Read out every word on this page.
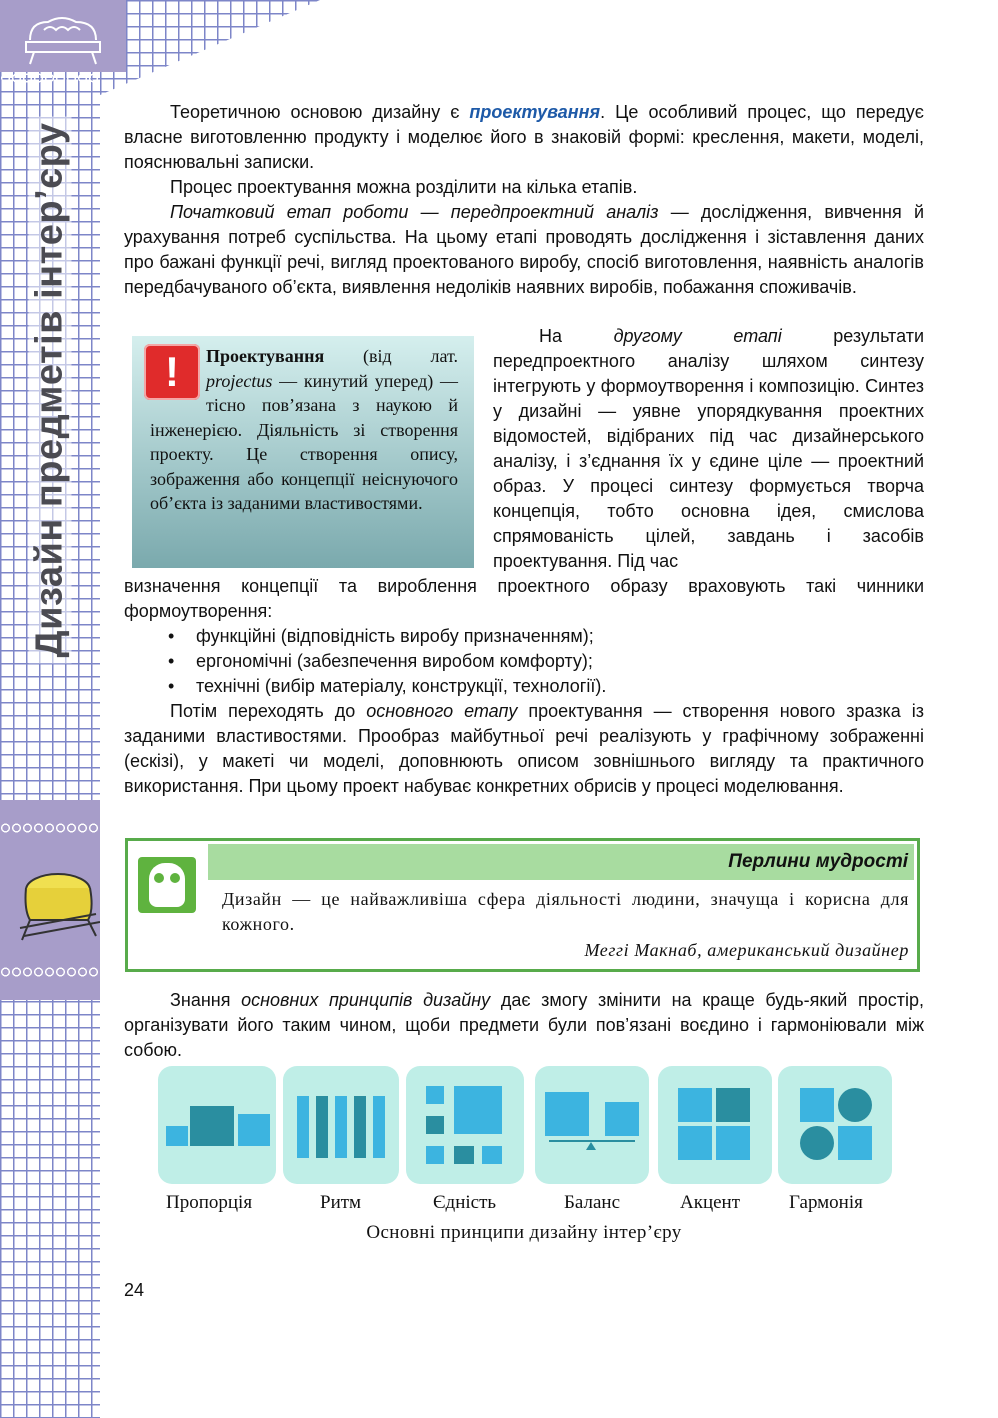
Дизайн предметів інтер’єру

Теоретичною основою дизайну є проектування. Це особливий процес, що передує власне виготовленню продукту і моделює його в знаковій формі: креслення, макети, моделі, пояснювальні записки.

Процес проектування можна розділити на кілька етапів.

Початковий етап роботи — передпроектний аналіз — дослідження, вивчення й урахування потреб суспільства. На цьому етапі проводять дослідження і зіставлення даних про бажані функції речі, вигляд проектованого виробу, спосіб виготовлення, наявність аналогів передбачуваного об’єкта, виявлення недоліків наявних виробів, побажання споживачів.

!	Проектування (від лат. projectus — кинутий уперед) — тісно пов’язана з наукою й інженерією. Діяльність зі створення проекту. Це створення опису, зображення або концепції неіснуючого об’єкта із заданими властивостями.
На другому етапі результати передпроектного аналізу шляхом синтезу інтегрують у формоутворення і композицію. Синтез у дизайні — уявне упорядкування проектних відомостей, відібраних під час дизайнерського аналізу, і з’єднання їх у єдине ціле — проектний образ. У процесі синтезу формується творча концепція, тобто основна ідея, смислова спрямованість цілей, завдань і засобів проектування. Під час

визначення концепції та вироблення проектного образу враховують такі чинники формоутворення:

• функційні (відповідність виробу призначенням);
• ергономічні (забезпечення виробом комфорту);
• технічні (вибір матеріалу, конструкції, технології).

Потім переходять до основного етапу проектування — створення нового зразка із заданими властивостями. Прообраз майбутньої речі реалізують у графічному зображенні (ескізі), у макеті чи моделі, доповнюють описом зовнішнього вигляду та практичного використання. При цьому проект набуває конкретних обрисів у процесі моделювання.

Перлини мудрості
Дизайн — це найважливіша сфера діяльності людини, значуща і корисна для кожного.
Меггі Макнаб, американський дизайнер

Знання основних принципів дизайну дає змогу змінити на краще будь-який простір, організувати його таким чином, щоби предмети були пов’язані воєдино і гармоніювали між собою.

Пропорція	Ритм	Єдність	Баланс	Акцент	Гармонія
Основні принципи дизайну інтер’єру
24
